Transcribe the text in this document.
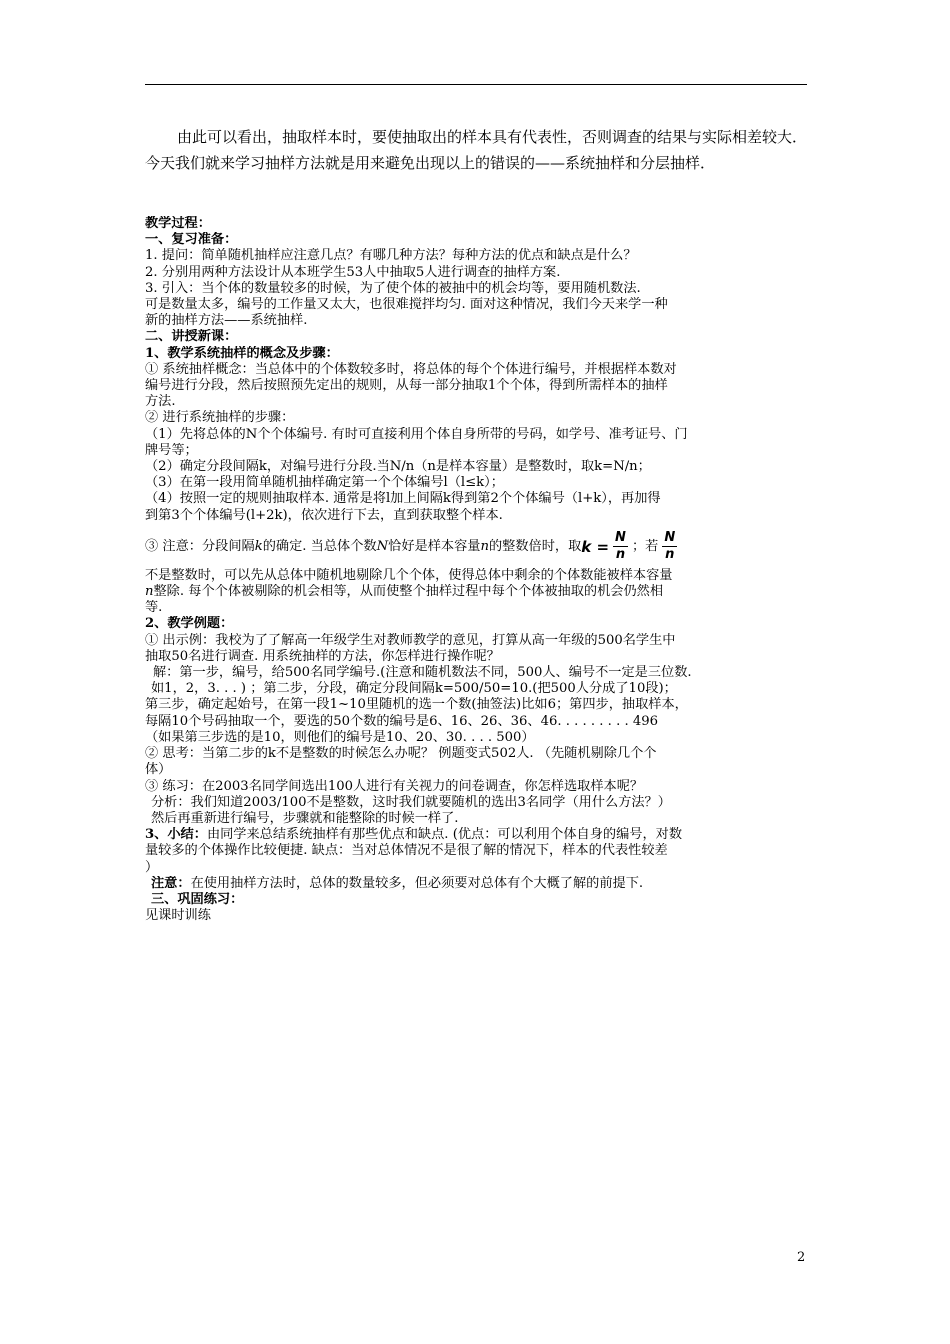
由此可以看出，抽取样本时，要使抽取出的样本具有代表性，否则调查的结果与实际相差较大．今天我们就来学习抽样方法就是用来避免出现以上的错误的——系统抽样和分层抽样．
教学过程：
一、复习准备：
1. 提问：简单随机抽样应注意几点？有哪几种方法？每种方法的优点和缺点是什么？
2. 分别用两种方法设计从本班学生53人中抽取5人进行调查的抽样方案.
3. 引入：当个体的数量较多的时候，为了使个体的被抽中的机会均等，要用随机数法.
可是数量太多，编号的工作量又太大，也很难搅拌均匀. 面对这种情况，我们今天来学一种
新的抽样方法——系统抽样.
二、讲授新课：
1、教学系统抽样的概念及步骤：
① 系统抽样概念：当总体中的个体数较多时，将总体的每个个体进行编号，并根据样本数对
编号进行分段，然后按照预先定出的规则，从每一部分抽取1个个体，得到所需样本的抽样
方法.
② 进行系统抽样的步骤：
（1）先将总体的N个个体编号. 有时可直接利用个体自身所带的号码，如学号、准考证号、门
牌号等；
（2）确定分段间隔k，对编号进行分段.当N/n（n是样本容量）是整数时，取k=N/n；
（3）在第一段用简单随机抽样确定第一个个体编号l（l≤k）；
（4）按照一定的规则抽取样本. 通常是将l加上间隔k得到第2个个体编号（l+k），再加得
到第3个个体编号(l+2k)，依次进行下去，直到获取整个样本.
③ 注意：分段间隔 k 的确定. 当总体个数 N 恰好是样本容量 n 的整数倍时，取 $k = \frac{N}{n}$ ；若 $\frac{N}{n}$
不是整数时，可以先从总体中随机地剔除几个个体，使得总体中剩余的个体数能被样本容量
n整除. 每个个体被剔除的机会相等，从而使整个抽样过程中每个个体被抽取的机会仍然相
等.
2、教学例题：
① 出示例：我校为了了解高一年级学生对教师教学的意见，打算从高一年级的500名学生中
抽取50名进行调查. 用系统抽样的方法，你怎样进行操作呢？
解：第一步，编号，给500名同学编号.(注意和随机数法不同，500人、编号不一定是三位数.
如1，2，3. . . ) ；第二步，分段，确定分段间隔k=500/50=10.(把500人分成了10段)；
第三步，确定起始号，在第一段1~10里随机的选一个数(抽签法)比如6；第四步，抽取样本，
每隔10个号码抽取一个，要选的50个数的编号是6、16、26、36、46. . . . . . . . . 496
（如果第三步选的是10，则他们的编号是10、20、30. . . . 500）
② 思考：当第二步的k不是整数的时候怎么办呢？ 例题变式502人. （先随机剔除几个个
体）
③ 练习：在2003名同学间选出100人进行有关视力的问卷调查，你怎样选取样本呢？
分析：我们知道2003/100不是整数，这时我们就要随机的选出3名同学（用什么方法？）
然后再重新进行编号，步骤就和能整除的时候一样了.
3、小结：由同学来总结系统抽样有那些优点和缺点. (优点：可以利用个体自身的编号，对数
量较多的个体操作比较便捷. 缺点：当对总体情况不是很了解的情况下，样本的代表性较差
）
注意：在使用抽样方法时，总体的数量较多，但必须要对总体有个大概了解的前提下.
三、巩固练习：
见课时训练
2
